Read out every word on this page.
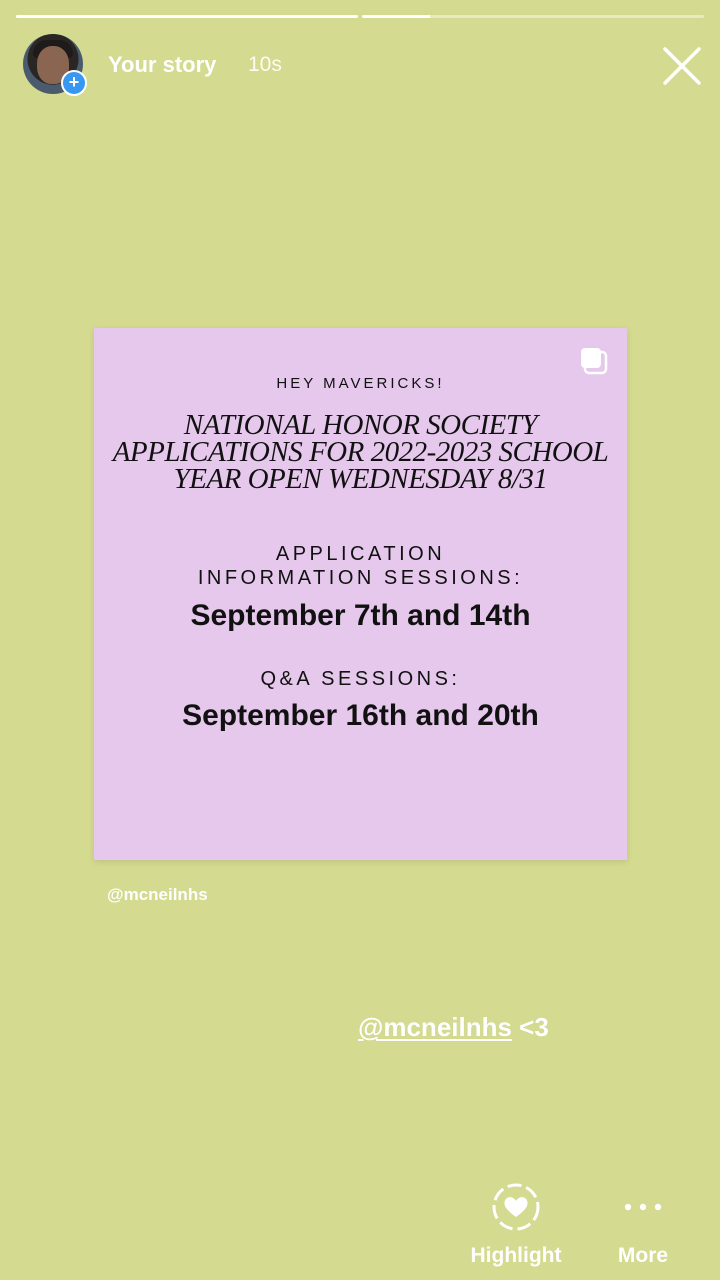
+
Your story 10s
HEY MAVERICKS!
NATIONAL HONOR SOCIETY APPLICATIONS FOR 2022-2023 SCHOOL YEAR OPEN WEDNESDAY 8/31
APPLICATION
INFORMATION SESSIONS:
September 7th and 14th
Q&A SESSIONS:
September 16th and 20th
@mcneilnhs
@mcneilnhs <3
Highlight	More
